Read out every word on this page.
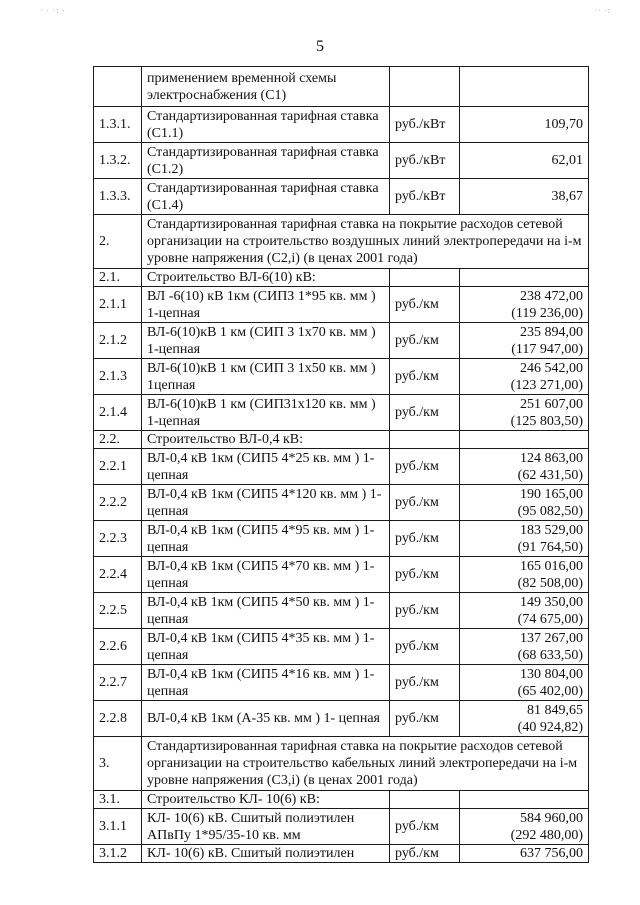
· ∙ ·: ∙	·∙ ∙:
5
	применением временной схемы электроснабжения (С1)		

1.3.1.	Стандартизированная тарифная ставка (С1.1)	руб./кВт	109,70

1.3.2.	Стандартизированная тарифная ставка (С1.2)	руб./кВт	62,01

1.3.3.	Стандартизированная тарифная ставка (С1.4)	руб./кВт	38,67

2.	Стандартизированная тарифная ставка на покрытие расходов сетевой организации на строительство воздушных линий электропередачи на i-м уровне напряжения (С2,i) (в ценах 2001 года)		
2.1.	Строительство ВЛ-6(10) кВ:		

2.1.1	ВЛ -6(10) кВ 1км (СИПЗ 1*95 кв. мм ) 1-цепная	руб./км	238 472,00
(119 236,00)

2.1.2	ВЛ-6(10)кВ 1 км (СИП 3 1х70 кв. мм ) 1-цепная	руб./км	235 894,00
(117 947,00)

2.1.3	ВЛ-6(10)кВ 1 км (СИП 3 1х50 кв. мм ) 1цепная	руб./км	246 542,00
(123 271,00)

2.1.4	ВЛ-6(10)кВ 1 км (СИП31х120 кв. мм ) 1-цепная	руб./км	251 607,00
(125 803,50)

2.2.	Строительство ВЛ-0,4 кВ:		

2.2.1	ВЛ-0,4 кВ 1км (СИП5 4*25 кв. мм ) 1- цепная	руб./км	124 863,00
(62 431,50)

2.2.2	ВЛ-0,4 кВ 1км (СИП5 4*120 кв. мм ) 1- цепная	руб./км	190 165,00
(95 082,50)

2.2.3	ВЛ-0,4 кВ 1км (СИП5 4*95 кв. мм ) 1- цепная	руб./км	183 529,00
(91 764,50)

2.2.4	ВЛ-0,4 кВ 1км (СИП5 4*70 кв. мм ) 1- цепная	руб./км	165 016,00
(82 508,00)

2.2.5	ВЛ-0,4 кВ 1км (СИП5 4*50 кв. мм ) 1- цепная	руб./км	149 350,00
(74 675,00)

2.2.6	ВЛ-0,4 кВ 1км (СИП5 4*35 кв. мм ) 1- цепная	руб./км	137 267,00
(68 633,50)

2.2.7	ВЛ-0,4 кВ 1км (СИП5 4*16 кв. мм ) 1- цепная	руб./км	130 804,00
(65 402,00)

2.2.8	ВЛ-0,4 кВ 1км (А-35 кв. мм ) 1- цепная	руб./км	81 849,65
(40 924,82)

3.	Стандартизированная тарифная ставка на покрытие расходов сетевой организации на строительство кабельных линий электропередачи на i-м уровне напряжения (С3,i) (в ценах 2001 года)		
3.1.	Строительство КЛ- 10(6) кВ:		

3.1.1	КЛ- 10(6) кВ. Сшитый полиэтилен АПвПу 1*95/35-10 кв. мм	руб./км	584 960,00
(292 480,00)

3.1.2	КЛ- 10(6) кВ. Сшитый полиэтилен	руб./км	637 756,00
